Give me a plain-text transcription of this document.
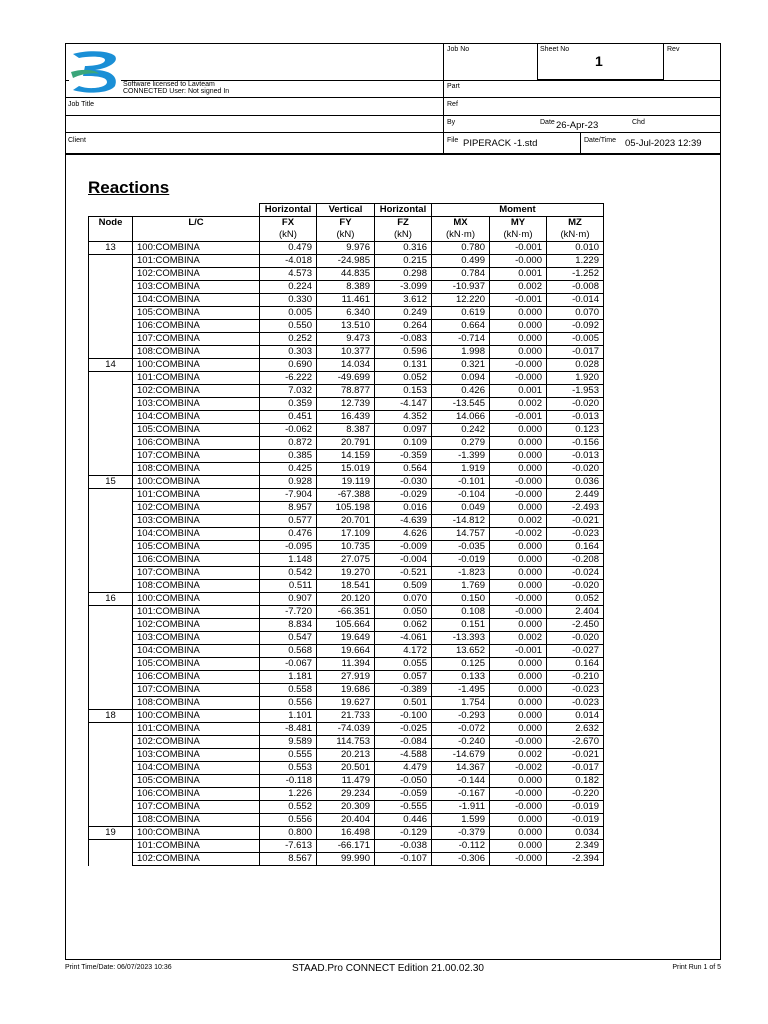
Software licensed to Lavteam
CONNECTED User: Not signed In
Job No	Sheet No
1
Rev
Part
Ref
Job Title
By	Date 26-Apr-23	Chd
Client	File PIPERACK -1.std	Date/Time 05-Jul-2023 12:39
Reactions
		Horizontal	Vertical	Horizontal	Moment		
Node	L/C	FX	FY	FZ	MX	MY	MZ
		(kN)	(kN)	(kN)	(kN·m)	(kN·m)	(kN·m)
13	100:COMBINA	0.479	9.976	0.316	0.780	-0.001	0.010
	101:COMBINA	-4.018	-24.985	0.215	0.499	-0.000	1.229
	102:COMBINA	4.573	44.835	0.298	0.784	0.001	-1.252
	103:COMBINA	0.224	8.389	-3.099	-10.937	0.002	-0.008
	104:COMBINA	0.330	11.461	3.612	12.220	-0.001	-0.014
	105:COMBINA	0.005	6.340	0.249	0.619	0.000	0.070
	106:COMBINA	0.550	13.510	0.264	0.664	0.000	-0.092
	107:COMBINA	0.252	9.473	-0.083	-0.714	0.000	-0.005
	108:COMBINA	0.303	10.377	0.596	1.998	0.000	-0.017
14	100:COMBINA	0.690	14.034	0.131	0.321	-0.000	0.028
	101:COMBINA	-6.222	-49.699	0.052	0.094	-0.000	1.920
	102:COMBINA	7.032	78.877	0.153	0.426	0.001	-1.953
	103:COMBINA	0.359	12.739	-4.147	-13.545	0.002	-0.020
	104:COMBINA	0.451	16.439	4.352	14.066	-0.001	-0.013
	105:COMBINA	-0.062	8.387	0.097	0.242	0.000	0.123
	106:COMBINA	0.872	20.791	0.109	0.279	0.000	-0.156
	107:COMBINA	0.385	14.159	-0.359	-1.399	0.000	-0.013
	108:COMBINA	0.425	15.019	0.564	1.919	0.000	-0.020
15	100:COMBINA	0.928	19.119	-0.030	-0.101	-0.000	0.036
	101:COMBINA	-7.904	-67.388	-0.029	-0.104	-0.000	2.449
	102:COMBINA	8.957	105.198	0.016	0.049	0.000	-2.493
	103:COMBINA	0.577	20.701	-4.639	-14.812	0.002	-0.021
	104:COMBINA	0.476	17.109	4.626	14.757	-0.002	-0.023
	105:COMBINA	-0.095	10.735	-0.009	-0.035	0.000	0.164
	106:COMBINA	1.148	27.075	-0.004	-0.019	0.000	-0.208
	107:COMBINA	0.542	19.270	-0.521	-1.823	0.000	-0.024
	108:COMBINA	0.511	18.541	0.509	1.769	0.000	-0.020
16	100:COMBINA	0.907	20.120	0.070	0.150	-0.000	0.052
	101:COMBINA	-7.720	-66.351	0.050	0.108	-0.000	2.404
	102:COMBINA	8.834	105.664	0.062	0.151	0.000	-2.450
	103:COMBINA	0.547	19.649	-4.061	-13.393	0.002	-0.020
	104:COMBINA	0.568	19.664	4.172	13.652	-0.001	-0.027
	105:COMBINA	-0.067	11.394	0.055	0.125	0.000	0.164
	106:COMBINA	1.181	27.919	0.057	0.133	0.000	-0.210
	107:COMBINA	0.558	19.686	-0.389	-1.495	0.000	-0.023
	108:COMBINA	0.556	19.627	0.501	1.754	0.000	-0.023
18	100:COMBINA	1.101	21.733	-0.100	-0.293	0.000	0.014
	101:COMBINA	-8.481	-74.039	-0.025	-0.072	0.000	2.632
	102:COMBINA	9.589	114.753	-0.084	-0.240	-0.000	-2.670
	103:COMBINA	0.555	20.213	-4.588	-14.679	0.002	-0.021
	104:COMBINA	0.553	20.501	4.479	14.367	-0.002	-0.017
	105:COMBINA	-0.118	11.479	-0.050	-0.144	0.000	0.182
	106:COMBINA	1.226	29.234	-0.059	-0.167	-0.000	-0.220
	107:COMBINA	0.552	20.309	-0.555	-1.911	-0.000	-0.019
	108:COMBINA	0.556	20.404	0.446	1.599	0.000	-0.019
19	100:COMBINA	0.800	16.498	-0.129	-0.379	0.000	0.034
	101:COMBINA	-7.613	-66.171	-0.038	-0.112	0.000	2.349
	102:COMBINA	8.567	99.990	-0.107	-0.306	-0.000	-2.394
Print Time/Date: 06/07/2023 10:36	STAAD.Pro CONNECT Edition 21.00.02.30	Print Run 1 of 5
